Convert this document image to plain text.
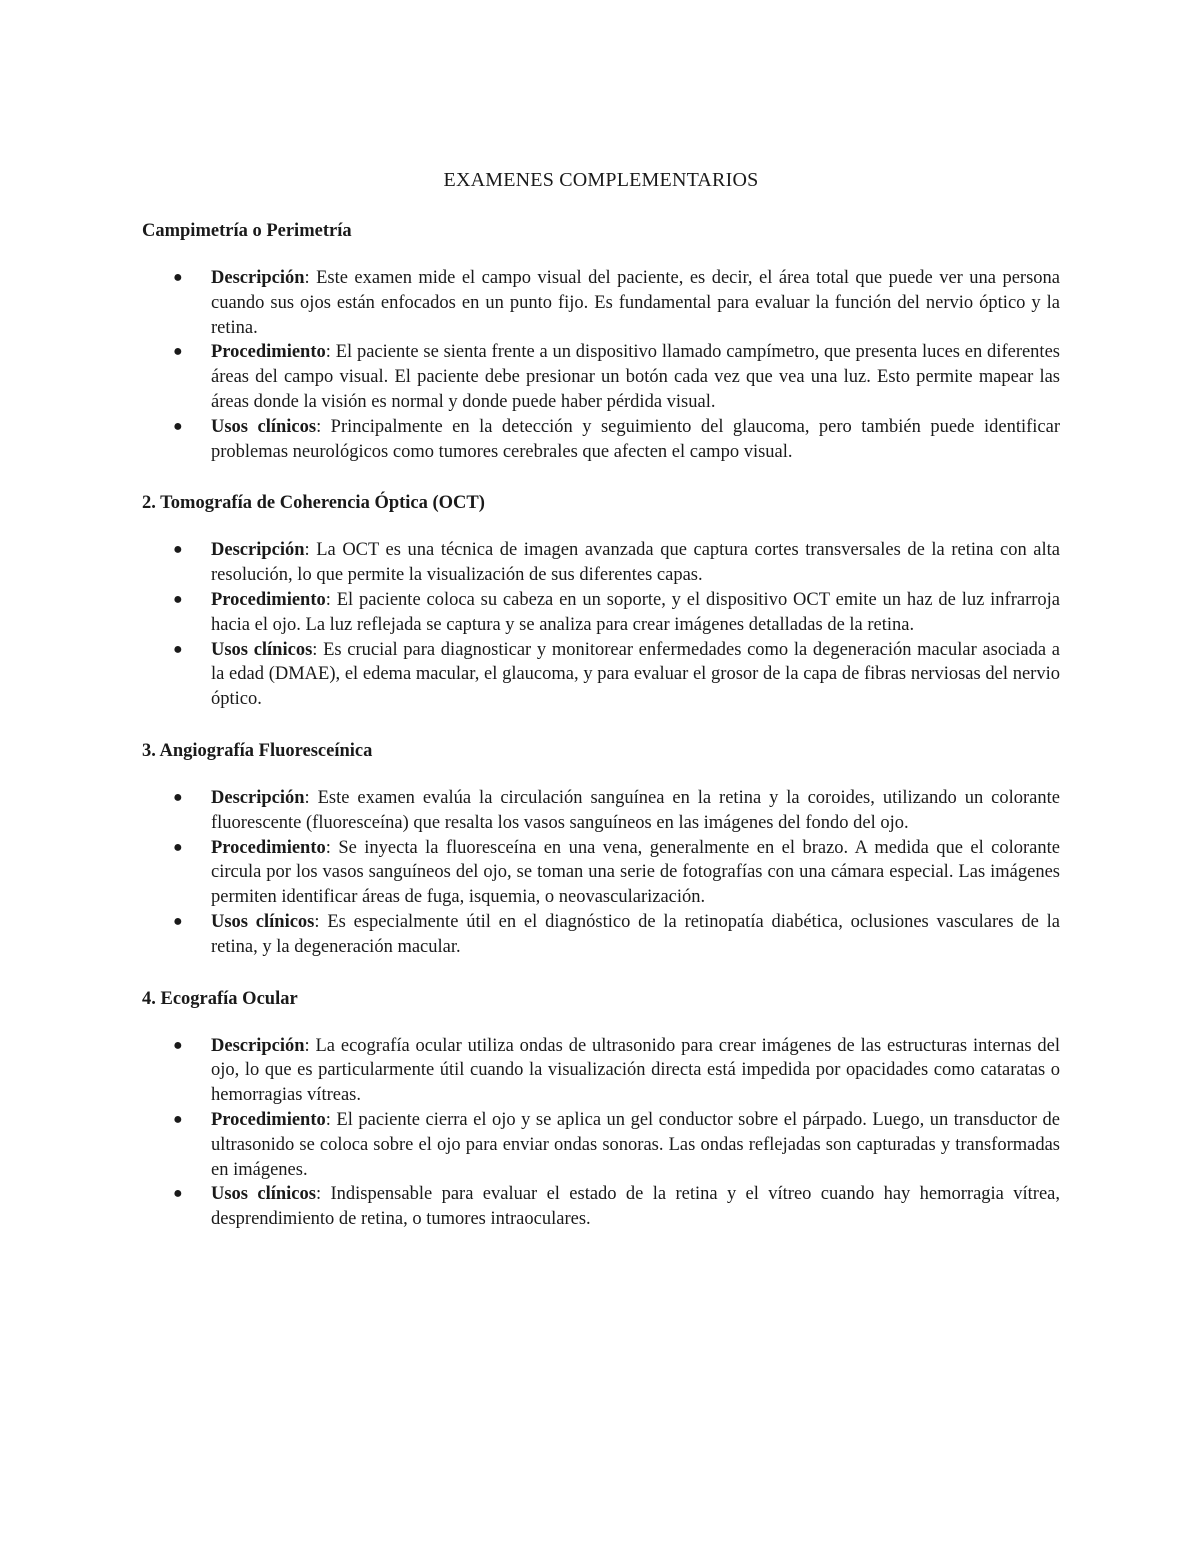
EXAMENES COMPLEMENTARIOS
Campimetría o Perimetría
● Descripción: Este examen mide el campo visual del paciente, es decir, el área total que puede ver una persona cuando sus ojos están enfocados en un punto fijo. Es fundamental para evaluar la función del nervio óptico y la retina.
● Procedimiento: El paciente se sienta frente a un dispositivo llamado campímetro, que presenta luces en diferentes áreas del campo visual. El paciente debe presionar un botón cada vez que vea una luz. Esto permite mapear las áreas donde la visión es normal y donde puede haber pérdida visual.
● Usos clínicos: Principalmente en la detección y seguimiento del glaucoma, pero también puede identificar problemas neurológicos como tumores cerebrales que afecten el campo visual.
2. Tomografía de Coherencia Óptica (OCT)
● Descripción: La OCT es una técnica de imagen avanzada que captura cortes transversales de la retina con alta resolución, lo que permite la visualización de sus diferentes capas.
● Procedimiento: El paciente coloca su cabeza en un soporte, y el dispositivo OCT emite un haz de luz infrarroja hacia el ojo. La luz reflejada se captura y se analiza para crear imágenes detalladas de la retina.
● Usos clínicos: Es crucial para diagnosticar y monitorear enfermedades como la degeneración macular asociada a la edad (DMAE), el edema macular, el glaucoma, y para evaluar el grosor de la capa de fibras nerviosas del nervio óptico.
3. Angiografía Fluoresceínica
● Descripción: Este examen evalúa la circulación sanguínea en la retina y la coroides, utilizando un colorante fluorescente (fluoresceína) que resalta los vasos sanguíneos en las imágenes del fondo del ojo.
● Procedimiento: Se inyecta la fluoresceína en una vena, generalmente en el brazo. A medida que el colorante circula por los vasos sanguíneos del ojo, se toman una serie de fotografías con una cámara especial. Las imágenes permiten identificar áreas de fuga, isquemia, o neovascularización.
● Usos clínicos: Es especialmente útil en el diagnóstico de la retinopatía diabética, oclusiones vasculares de la retina, y la degeneración macular.
4. Ecografía Ocular
● Descripción: La ecografía ocular utiliza ondas de ultrasonido para crear imágenes de las estructuras internas del ojo, lo que es particularmente útil cuando la visualización directa está impedida por opacidades como cataratas o hemorragias vítreas.
● Procedimiento: El paciente cierra el ojo y se aplica un gel conductor sobre el párpado. Luego, un transductor de ultrasonido se coloca sobre el ojo para enviar ondas sonoras. Las ondas reflejadas son capturadas y transformadas en imágenes.
● Usos clínicos: Indispensable para evaluar el estado de la retina y el vítreo cuando hay hemorragia vítrea, desprendimiento de retina, o tumores intraoculares.
